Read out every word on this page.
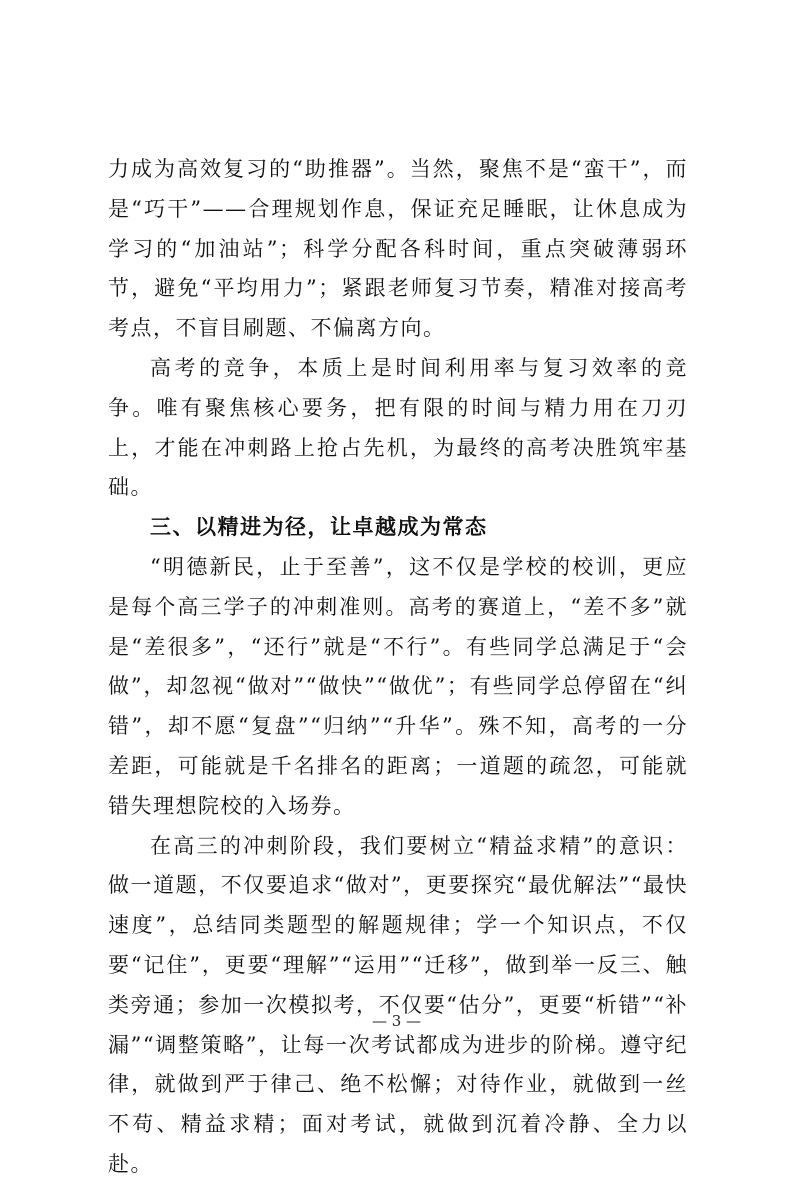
力成为高效复习的“助推器”。当然，聚焦不是“蛮干”，而是“巧干”——合理规划作息，保证充足睡眠，让休息成为学习的“加油站”；科学分配各科时间，重点突破薄弱环节，避免“平均用力”；紧跟老师复习节奏，精准对接高考考点，不盲目刷题、不偏离方向。

高考的竞争，本质上是时间利用率与复习效率的竞争。唯有聚焦核心要务，把有限的时间与精力用在刀刃上，才能在冲刺路上抢占先机，为最终的高考决胜筑牢基础。

三、以精进为径，让卓越成为常态

“明德新民，止于至善”，这不仅是学校的校训，更应是每个高三学子的冲刺准则。高考的赛道上，“差不多”就是“差很多”，“还行”就是“不行”。有些同学总满足于“会做”，却忽视“做对”“做快”“做优”；有些同学总停留在“纠错”，却不愿“复盘”“归纳”“升华”。殊不知，高考的一分差距，可能就是千名排名的距离；一道题的疏忽，可能就错失理想院校的入场券。

在高三的冲刺阶段，我们要树立“精益求精”的意识：做一道题，不仅要追求“做对”，更要探究“最优解法”“最快速度”，总结同类题型的解题规律；学一个知识点，不仅要“记住”，更要“理解”“运用”“迁移”，做到举一反三、触类旁通；参加一次模拟考，不仅要“估分”，更要“析错”“补漏”“调整策略”，让每一次考试都成为进步的阶梯。遵守纪律，就做到严于律己、绝不松懈；对待作业，就做到一丝不苟、精益求精；面对考试，就做到沉着冷静、全力以赴。

— 3 —
